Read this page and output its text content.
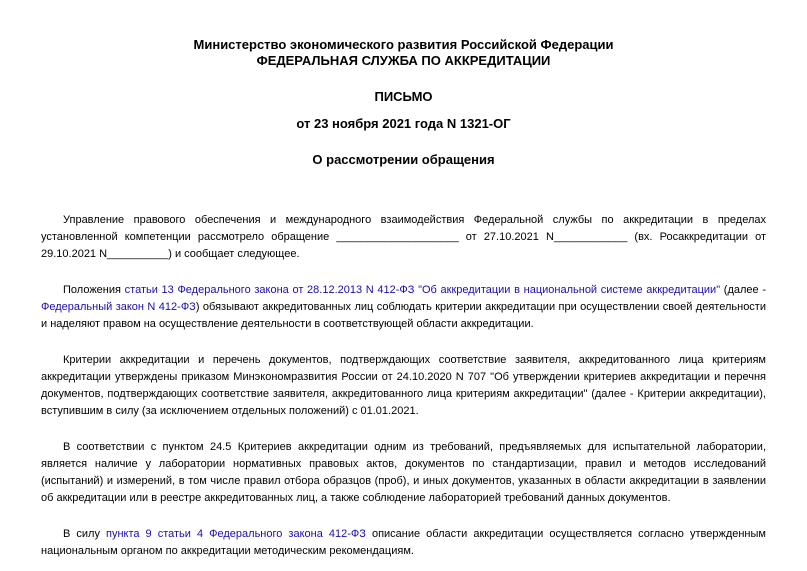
Министерство экономического развития Российской Федерации
ФЕДЕРАЛЬНАЯ СЛУЖБА ПО АККРЕДИТАЦИИ
ПИСЬМО
от 23 ноября 2021 года N 1321-ОГ
О рассмотрении обращения

Управление правового обеспечения и международного взаимодействия Федеральной службы по аккредитации в пределах установленной компетенции рассмотрело обращение ____________________ от 27.10.2021 N____________ (вх. Росаккредитации от 29.10.2021 N__________) и сообщает следующее.

Положения статьи 13 Федерального закона от 28.12.2013 N 412-ФЗ "Об аккредитации в национальной системе аккредитации" (далее - Федеральный закон N 412-ФЗ) обязывают аккредитованных лиц соблюдать критерии аккредитации при осуществлении своей деятельности и наделяют правом на осуществление деятельности в соответствующей области аккредитации.

Критерии аккредитации и перечень документов, подтверждающих соответствие заявителя, аккредитованного лица критериям аккредитации утверждены приказом Минэкономразвития России от 24.10.2020 N 707 "Об утверждении критериев аккредитации и перечня документов, подтверждающих соответствие заявителя, аккредитованного лица критериям аккредитации" (далее - Критерии аккредитации), вступившим в силу (за исключением отдельных положений) с 01.01.2021.

В соответствии с пунктом 24.5 Критериев аккредитации одним из требований, предъявляемых для испытательной лаборатории, является наличие у лаборатории нормативных правовых актов, документов по стандартизации, правил и методов исследований (испытаний) и измерений, в том числе правил отбора образцов (проб), и иных документов, указанных в области аккредитации в заявлении об аккредитации или в реестре аккредитованных лиц, а также соблюдение лабораторией требований данных документов.

В силу пункта 9 статьи 4 Федерального закона 412-ФЗ описание области аккредитации осуществляется согласно утвержденным национальным органом по аккредитации методическим рекомендациям.
